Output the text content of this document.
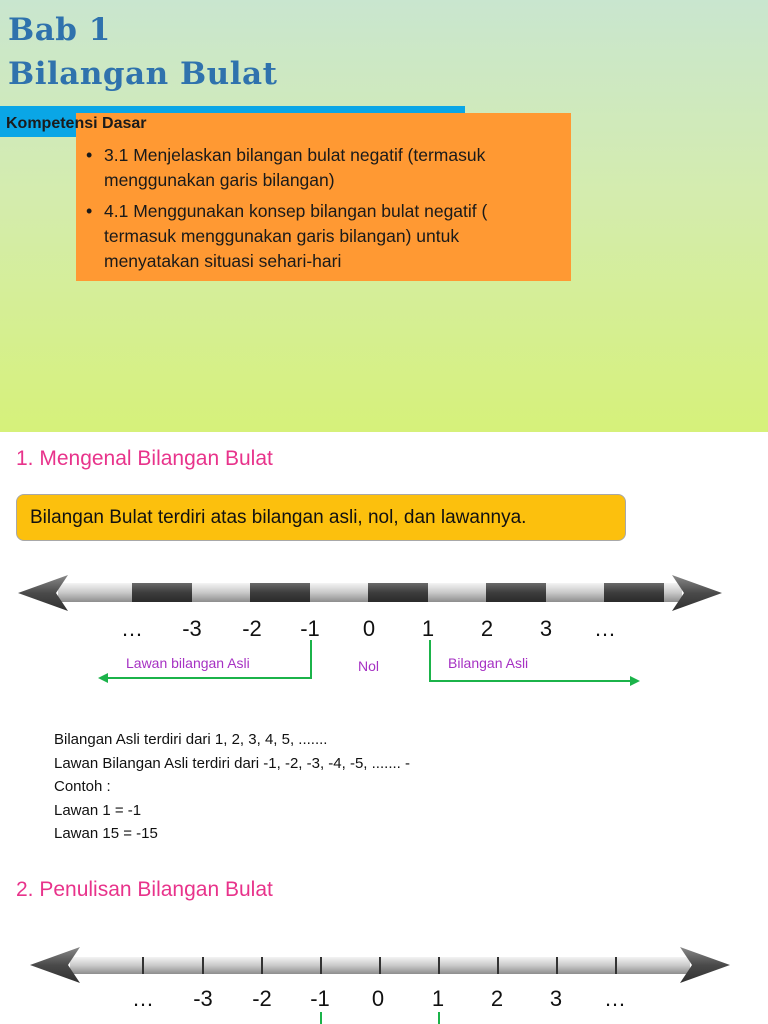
Bab 1
Bilangan Bulat
• 3.1 Menjelaskan bilangan bulat negatif (termasuk menggunakan garis bilangan)
• 4.1 Menggunakan konsep bilangan bulat negatif ( termasuk menggunakan garis bilangan) untuk menyatakan situasi sehari-hari
Kompetensi Dasar
1. Mengenal Bilangan Bulat
Bilangan Bulat terdiri atas bilangan asli, nol, dan lawannya.
… -3 -2 -1	0	1	2	3	…
Lawan bilangan Asli	Nol	Bilangan Asli
Bilangan Asli terdiri dari 1, 2, 3, 4, 5, .......
Lawan Bilangan Asli terdiri dari -1, -2, -3, -4, -5, ....... -
Contoh :
Lawan 1 = -1
Lawan 15 = -15
2. Penulisan Bilangan Bulat
… -3 -2 -1	0	1	2	3	…
